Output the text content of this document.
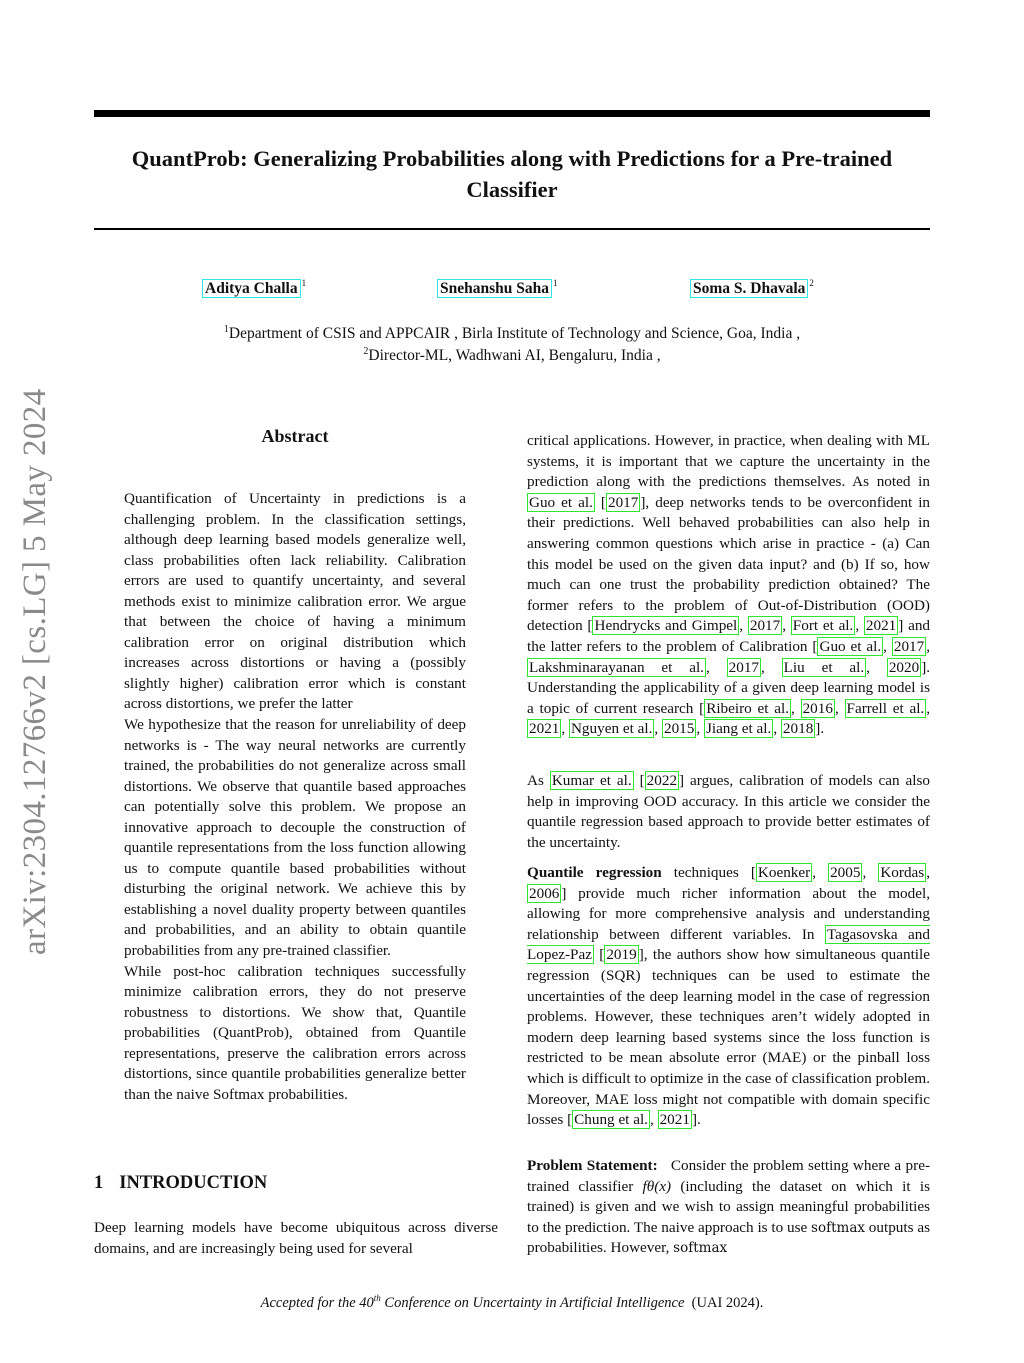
arXiv:2304.12766v2 [cs.LG] 5 May 2024
QuantProb: Generalizing Probabilities along with Predictions for a Pre-trained Classifier
Aditya Challa $^1$	Snehanshu Saha $^1$	Soma S. Dhavala $^2$
$^1$Department of CSIS and APPCAIR , Birla Institute of Technology and Science, Goa, India ,
$^2$Director-ML, Wadhwani AI, Bengaluru, India ,
Abstract

Quantification of Uncertainty in predictions is a challenging problem. In the classification settings, although deep learning based models generalize well, class probabilities often lack reliability. Calibration errors are used to quantify uncertainty, and several methods exist to minimize calibration error. We argue that between the choice of having a minimum calibration error on original distribution which increases across distortions or having a (possibly slightly higher) calibration error which is constant across distortions, we prefer the latter

We hypothesize that the reason for unreliability of deep networks is - The way neural networks are currently trained, the probabilities do not generalize across small distortions. We observe that quantile based approaches can potentially solve this problem. We propose an innovative approach to decouple the construction of quantile representations from the loss function allowing us to compute quantile based probabilities without disturbing the original network. We achieve this by establishing a novel duality property between quantiles and probabilities, and an ability to obtain quantile probabilities from any pre-trained classifier.

While post-hoc calibration techniques successfully minimize calibration errors, they do not preserve robustness to distortions. We show that, Quantile probabilities (QuantProb), obtained from Quantile representations, preserve the calibration errors across distortions, since quantile probabilities generalize better than the naive Softmax probabilities.

1 INTRODUCTION
Deep learning models have become ubiquitous across diverse domains, and are increasingly being used for several

critical applications. However, in practice, when dealing with ML systems, it is important that we capture the uncertainty in the prediction along with the predictions themselves. As noted in Guo et al. [ 2017 ], deep networks tends to be overconfident in their predictions. Well behaved probabilities can also help in answering common questions which arise in practice - (a) Can this model be used on the given data input? and (b) If so, how much can one trust the probability prediction obtained? The former refers to the problem of Out-of-Distribution (OOD) detection [ Hendrycks and Gimpel , 2017 , Fort et al. , 2021 ] and the latter refers to the problem of Calibration [ Guo et al. , 2017 , Lakshminarayanan et al. , 2017 , Liu et al. , 2020 ]. Understanding the applicability of a given deep learning model is a topic of current research [ Ribeiro et al. , 2016 , Farrell et al. , 2021 , Nguyen et al. , 2015 , Jiang et al. , 2018 ].

As Kumar et al. [ 2022 ] argues, calibration of models can also help in improving OOD accuracy. In this article we consider the quantile regression based approach to provide better estimates of the uncertainty.

Quantile regression techniques [ Koenker , 2005 , Kordas , 2006 ] provide much richer information about the model, allowing for more comprehensive analysis and understanding relationship between different variables. In Tagasovska and Lopez-Paz [ 2019 ], the authors show how simultaneous quantile regression (SQR) techniques can be used to estimate the uncertainties of the deep learning model in the case of regression problems. However, these techniques aren’t widely adopted in modern deep learning based systems since the loss function is restricted to be mean absolute error (MAE) or the pinball loss which is difficult to optimize in the case of classification problem. Moreover, MAE loss might not compatible with domain specific losses [ Chung et al. , 2021 ].

Problem Statement: Consider the problem setting where a pre-trained classifier fθ(x) (including the dataset on which it is trained) is given and we wish to assign meaningful probabilities to the prediction. The naive approach is to use softmax outputs as probabilities. However, softmax

Accepted for the 40th Conference on Uncertainty in Artificial Intelligence (UAI 2024).
